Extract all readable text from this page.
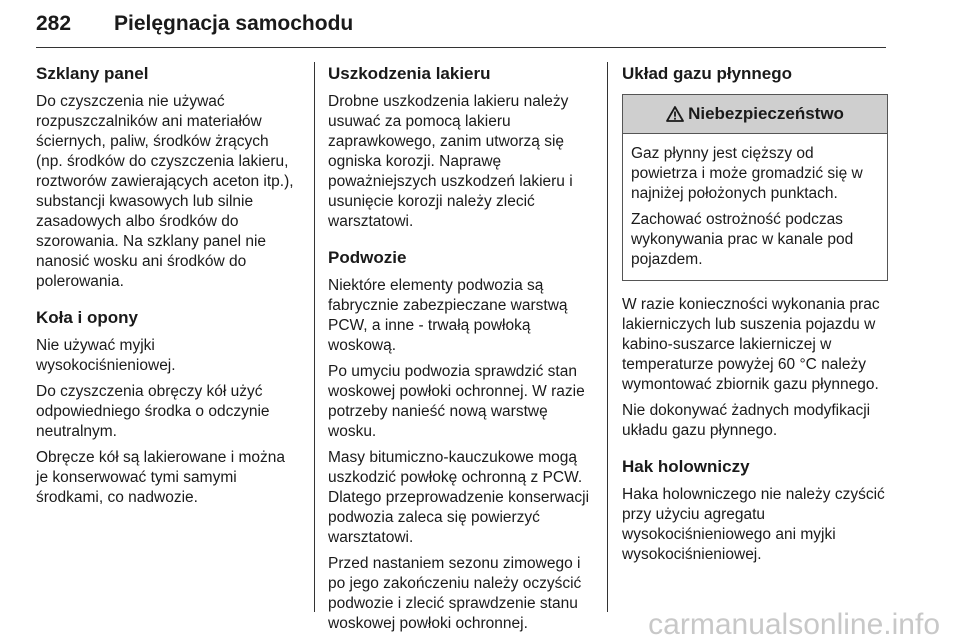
282 Pielęgnacja samochodu
Szklany panel

Do czyszczenia nie używać rozpuszczalników ani materiałów ściernych, paliw, środków żrących (np. środków do czyszczenia lakieru, roztworów zawierających aceton itp.), substancji kwasowych lub silnie zasadowych albo środków do szorowania. Na szklany panel nie nanosić wosku ani środków do polerowania.

Koła i opony

Nie używać myjki wysokociśnieniowej.

Do czyszczenia obręczy kół użyć odpowiedniego środka o odczynie neutralnym.

Obręcze kół są lakierowane i można je konserwować tymi samymi środkami, co nadwozie.

Uszkodzenia lakieru

Drobne uszkodzenia lakieru należy usuwać za pomocą lakieru zaprawkowego, zanim utworzą się ogniska korozji. Naprawę poważniejszych uszkodzeń lakieru i usunięcie korozji należy zlecić warsztatowi.

Podwozie

Niektóre elementy podwozia są fabrycznie zabezpieczane warstwą PCW, a inne - trwałą powłoką woskową.

Po umyciu podwozia sprawdzić stan woskowej powłoki ochronnej. W razie potrzeby nanieść nową warstwę wosku.

Masy bitumiczno-kauczukowe mogą uszkodzić powłokę ochronną z PCW. Dlatego przeprowadzenie konserwacji podwozia zaleca się powierzyć warsztatowi.

Przed nastaniem sezonu zimowego i po jego zakończeniu należy oczyścić podwozie i zlecić sprawdzenie stanu woskowej powłoki ochronnej.

Układ gazu płynnego
Niebezpieczeństwo

Gaz płynny jest cięższy od powietrza i może gromadzić się w najniżej położonych punktach.

Zachować ostrożność podczas wykonywania prac w kanale pod pojazdem.

W razie konieczności wykonania prac lakierniczych lub suszenia pojazdu w kabino-suszarce lakierniczej w temperaturze powyżej 60 °C należy wymontować zbiornik gazu płynnego.

Nie dokonywać żadnych modyfikacji układu gazu płynnego.

Hak holowniczy

Haka holowniczego nie należy czyścić przy użyciu agregatu wysokociśnieniowego ani myjki wysokociśnieniowej.

carmanualsonline.info
